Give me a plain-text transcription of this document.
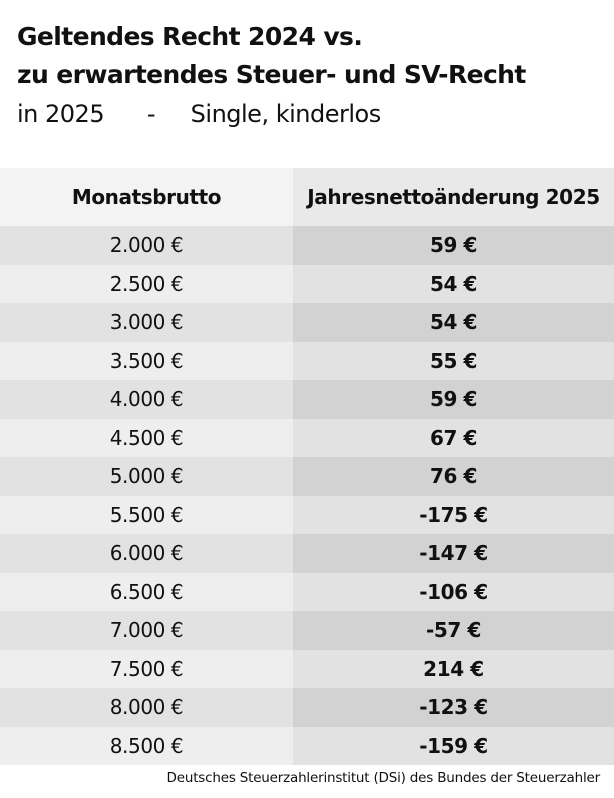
Geltendes Recht 2024 vs.
zu erwartendes Steuer- und SV-Recht
in 2025      -     Single, kinderlos
Monatsbrutto	Jahresnettoänderung 2025
2.000 €	59 €
2.500 €	54 €
3.000 €	54 €
3.500 €	55 €
4.000 €	59 €
4.500 €	67 €
5.000 €	76 €
5.500 €	-175 €
6.000 €	-147 €
6.500 €	-106 €
7.000 €	-57 €
7.500 €	214 €
8.000 €	-123 €
8.500 €	-159 €
Deutsches Steuerzahlerinstitut (DSi) des Bundes der Steuerzahler
